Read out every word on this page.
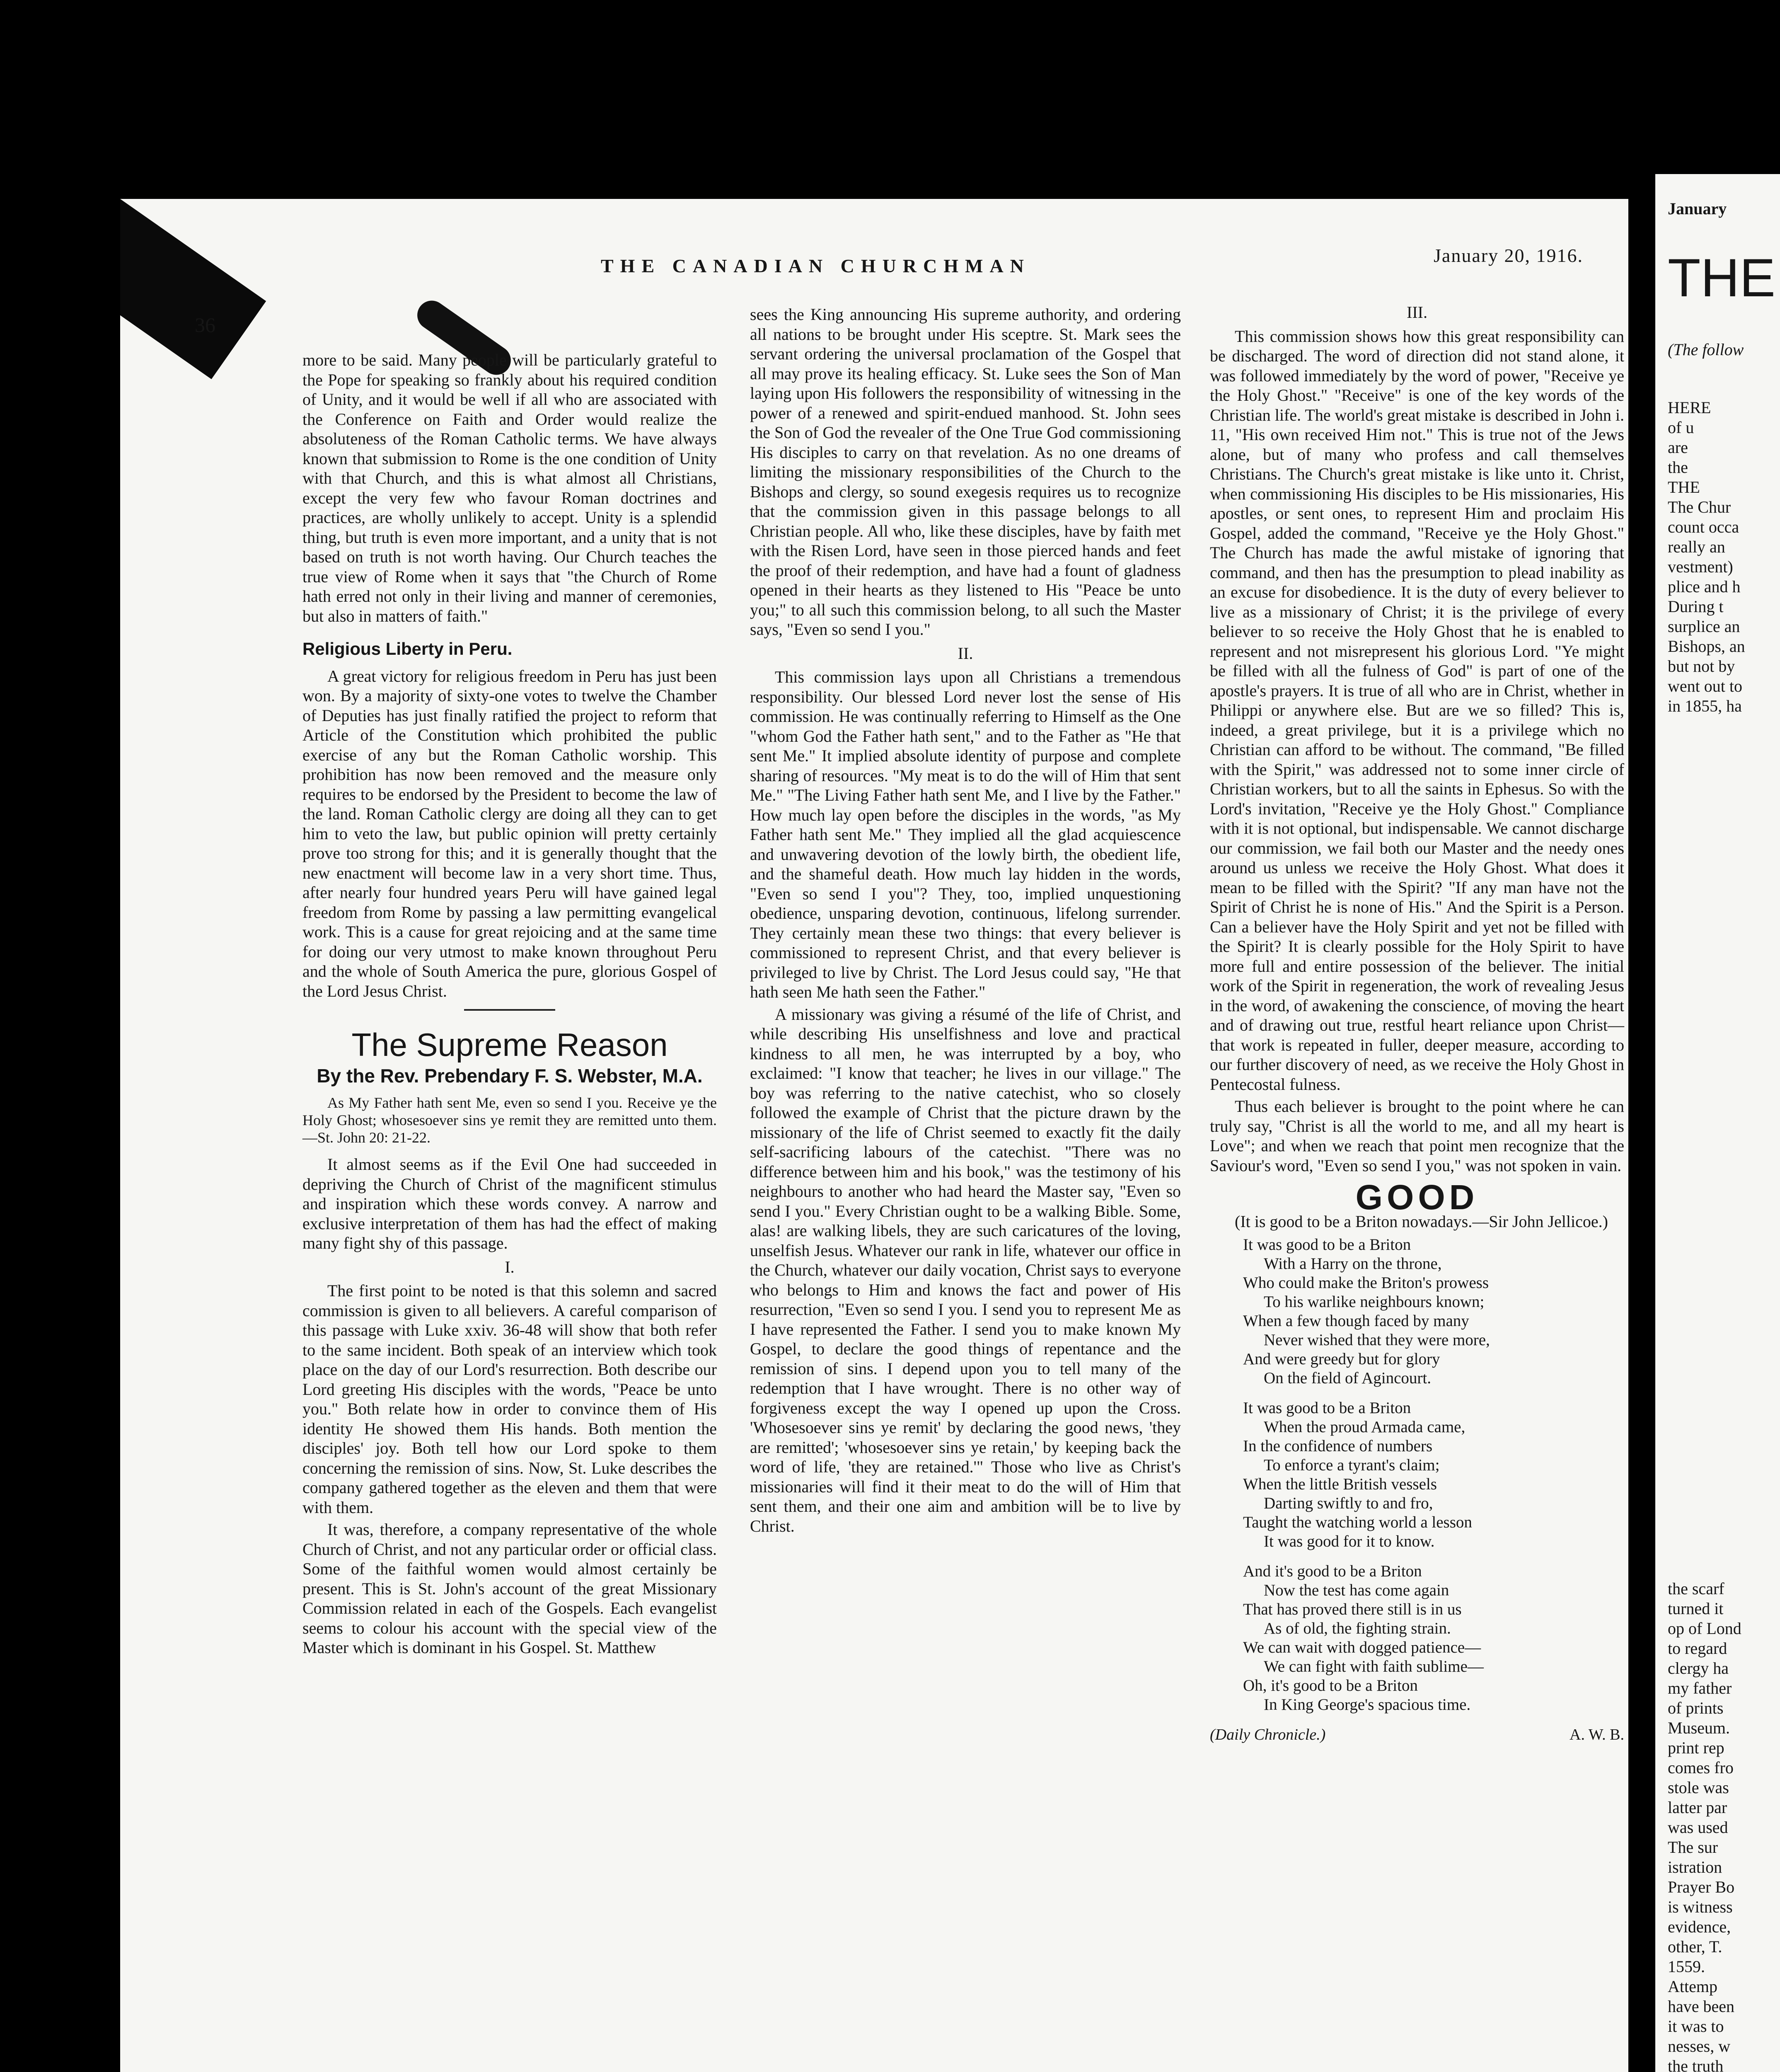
THE CANADIAN CHURCHMAN
36
January 20, 1916.

more to be said. Many people will be particularly grateful to the Pope for speaking so frankly about his required condition of Unity, and it would be well if all who are associated with the Conference on Faith and Order would realize the absoluteness of the Roman Catholic terms. We have always known that submission to Rome is the one condition of Unity with that Church, and this is what almost all Christians, except the very few who favour Roman doctrines and practices, are wholly unlikely to accept. Unity is a splendid thing, but truth is even more important, and a unity that is not based on truth is not worth having. Our Church teaches the true view of Rome when it says that "the Church of Rome hath erred not only in their living and manner of ceremonies, but also in matters of faith."

Religious Liberty in Peru.

A great victory for religious freedom in Peru has just been won. By a majority of sixty-one votes to twelve the Chamber of Deputies has just finally ratified the project to reform that Article of the Constitution which prohibited the public exercise of any but the Roman Catholic worship. This prohibition has now been removed and the measure only requires to be endorsed by the President to become the law of the land. Roman Catholic clergy are doing all they can to get him to veto the law, but public opinion will pretty certainly prove too strong for this; and it is generally thought that the new enactment will become law in a very short time. Thus, after nearly four hundred years Peru will have gained legal freedom from Rome by passing a law permitting evangelical work. This is a cause for great rejoicing and at the same time for doing our very utmost to make known throughout Peru and the whole of South America the pure, glorious Gospel of the Lord Jesus Christ.

The Supreme Reason
By the Rev. Prebendary F. S. Webster, M.A.

As My Father hath sent Me, even so send I you. Receive ye the Holy Ghost; whosesoever sins ye remit they are remitted unto them.—St. John 20: 21-22.

It almost seems as if the Evil One had succeeded in depriving the Church of Christ of the magnificent stimulus and inspiration which these words convey. A narrow and exclusive interpretation of them has had the effect of making many fight shy of this passage.

I.

The first point to be noted is that this solemn and sacred commission is given to all believers. A careful comparison of this passage with Luke xxiv. 36-48 will show that both refer to the same incident. Both speak of an interview which took place on the day of our Lord's resurrection. Both describe our Lord greeting His disciples with the words, "Peace be unto you." Both relate how in order to convince them of His identity He showed them His hands. Both mention the disciples' joy. Both tell how our Lord spoke to them concerning the remission of sins. Now, St. Luke describes the company gathered together as the eleven and them that were with them.

It was, therefore, a company representative of the whole Church of Christ, and not any particular order or official class. Some of the faithful women would almost certainly be present. This is St. John's account of the great Missionary Commission related in each of the Gospels. Each evangelist seems to colour his account with the special view of the Master which is dominant in his Gospel. St. Matthew

sees the King announcing His supreme authority, and ordering all nations to be brought under His sceptre. St. Mark sees the servant ordering the universal proclamation of the Gospel that all may prove its healing efficacy. St. Luke sees the Son of Man laying upon His followers the responsibility of witnessing in the power of a renewed and spirit-endued manhood. St. John sees the Son of God the revealer of the One True God commissioning His disciples to carry on that revelation. As no one dreams of limiting the missionary responsibilities of the Church to the Bishops and clergy, so sound exegesis requires us to recognize that the commission given in this passage belongs to all Christian people. All who, like these disciples, have by faith met with the Risen Lord, have seen in those pierced hands and feet the proof of their redemption, and have had a fount of gladness opened in their hearts as they listened to His "Peace be unto you;" to all such this commission belong, to all such the Master says, "Even so send I you."

II.

This commission lays upon all Christians a tremendous responsibility. Our blessed Lord never lost the sense of His commission. He was continually referring to Himself as the One "whom God the Father hath sent," and to the Father as "He that sent Me." It implied absolute identity of purpose and complete sharing of resources. "My meat is to do the will of Him that sent Me." "The Living Father hath sent Me, and I live by the Father." How much lay open before the disciples in the words, "as My Father hath sent Me." They implied all the glad acquiescence and unwavering devotion of the lowly birth, the obedient life, and the shameful death. How much lay hidden in the words, "Even so send I you"? They, too, implied unquestioning obedience, unsparing devotion, continuous, lifelong surrender. They certainly mean these two things: that every believer is commissioned to represent Christ, and that every believer is privileged to live by Christ. The Lord Jesus could say, "He that hath seen Me hath seen the Father."

A missionary was giving a résumé of the life of Christ, and while describing His unselfishness and love and practical kindness to all men, he was interrupted by a boy, who exclaimed: "I know that teacher; he lives in our village." The boy was referring to the native catechist, who so closely followed the example of Christ that the picture drawn by the missionary of the life of Christ seemed to exactly fit the daily self-sacrificing labours of the catechist. "There was no difference between him and his book," was the testimony of his neighbours to another who had heard the Master say, "Even so send I you." Every Christian ought to be a walking Bible. Some, alas! are walking libels, they are such caricatures of the loving, unselfish Jesus. Whatever our rank in life, whatever our office in the Church, whatever our daily vocation, Christ says to everyone who belongs to Him and knows the fact and power of His resurrection, "Even so send I you. I send you to represent Me as I have represented the Father. I send you to make known My Gospel, to declare the good things of repentance and the remission of sins. I depend upon you to tell many of the redemption that I have wrought. There is no other way of forgiveness except the way I opened up upon the Cross. 'Whosesoever sins ye remit' by declaring the good news, 'they are remitted'; 'whosesoever sins ye retain,' by keeping back the word of life, 'they are retained.'" Those who live as Christ's missionaries will find it their meat to do the will of Him that sent them, and their one aim and ambition will be to live by Christ.

III.

This commission shows how this great responsibility can be discharged. The word of direction did not stand alone, it was followed immediately by the word of power, "Receive ye the Holy Ghost." "Receive" is one of the key words of the Christian life. The world's great mistake is described in John i. 11, "His own received Him not." This is true not of the Jews alone, but of many who profess and call themselves Christians. The Church's great mistake is like unto it. Christ, when commissioning His disciples to be His missionaries, His apostles, or sent ones, to represent Him and proclaim His Gospel, added the command, "Receive ye the Holy Ghost." The Church has made the awful mistake of ignoring that command, and then has the presumption to plead inability as an excuse for disobedience. It is the duty of every believer to live as a missionary of Christ; it is the privilege of every believer to so receive the Holy Ghost that he is enabled to represent and not misrepresent his glorious Lord. "Ye might be filled with all the fulness of God" is part of one of the apostle's prayers. It is true of all who are in Christ, whether in Philippi or anywhere else. But are we so filled? This is, indeed, a great privilege, but it is a privilege which no Christian can afford to be without. The command, "Be filled with the Spirit," was addressed not to some inner circle of Christian workers, but to all the saints in Ephesus. So with the Lord's invitation, "Receive ye the Holy Ghost." Compliance with it is not optional, but indispensable. We cannot discharge our commission, we fail both our Master and the needy ones around us unless we receive the Holy Ghost. What does it mean to be filled with the Spirit? "If any man have not the Spirit of Christ he is none of His." And the Spirit is a Person. Can a believer have the Holy Spirit and yet not be filled with the Spirit? It is clearly possible for the Holy Spirit to have more full and entire possession of the believer. The initial work of the Spirit in regeneration, the work of revealing Jesus in the word, of awakening the conscience, of moving the heart and of drawing out true, restful heart reliance upon Christ—that work is repeated in fuller, deeper measure, according to our further discovery of need, as we receive the Holy Ghost in Pentecostal fulness.

Thus each believer is brought to the point where he can truly say, "Christ is all the world to me, and all my heart is Love"; and when we reach that point men recognize that the Saviour's word, "Even so send I you," was not spoken in vain.

GOOD

(It is good to be a Briton nowadays.—Sir John Jellicoe.)

It was good to be a Briton
With a Harry on the throne,
Who could make the Briton's prowess
To his warlike neighbours known;
When a few though faced by many
Never wished that they were more,
And were greedy but for glory
On the field of Agincourt.
It was good to be a Briton
When the proud Armada came,
In the confidence of numbers
To enforce a tyrant's claim;
When the little British vessels
Darting swiftly to and fro,
Taught the watching world a lesson
It was good for it to know.
And it's good to be a Briton
Now the test has come again
That has proved there still is in us
As of old, the fighting strain.
We can wait with dogged patience—
We can fight with faith sublime—
Oh, it's good to be a Briton
In King George's spacious time.
(Daily Chronicle.)	A. W. B.
January
THE
(The follow
HERE
of u
are
the
THE
The Chur
count occa
really an
vestment)
plice and h
During t
surplice an
Bishops, an
but not by
went out to
in 1855, ha
the scarf
turned it
op of Lond
to regard
clergy ha
my father
of prints
Museum.
print rep
comes fro
stole was
latter par
was used
The sur
istration
Prayer Bo
is witness
evidence,
other, T.
1559.
Attemp
have been
it was to
nesses, w
the truth
